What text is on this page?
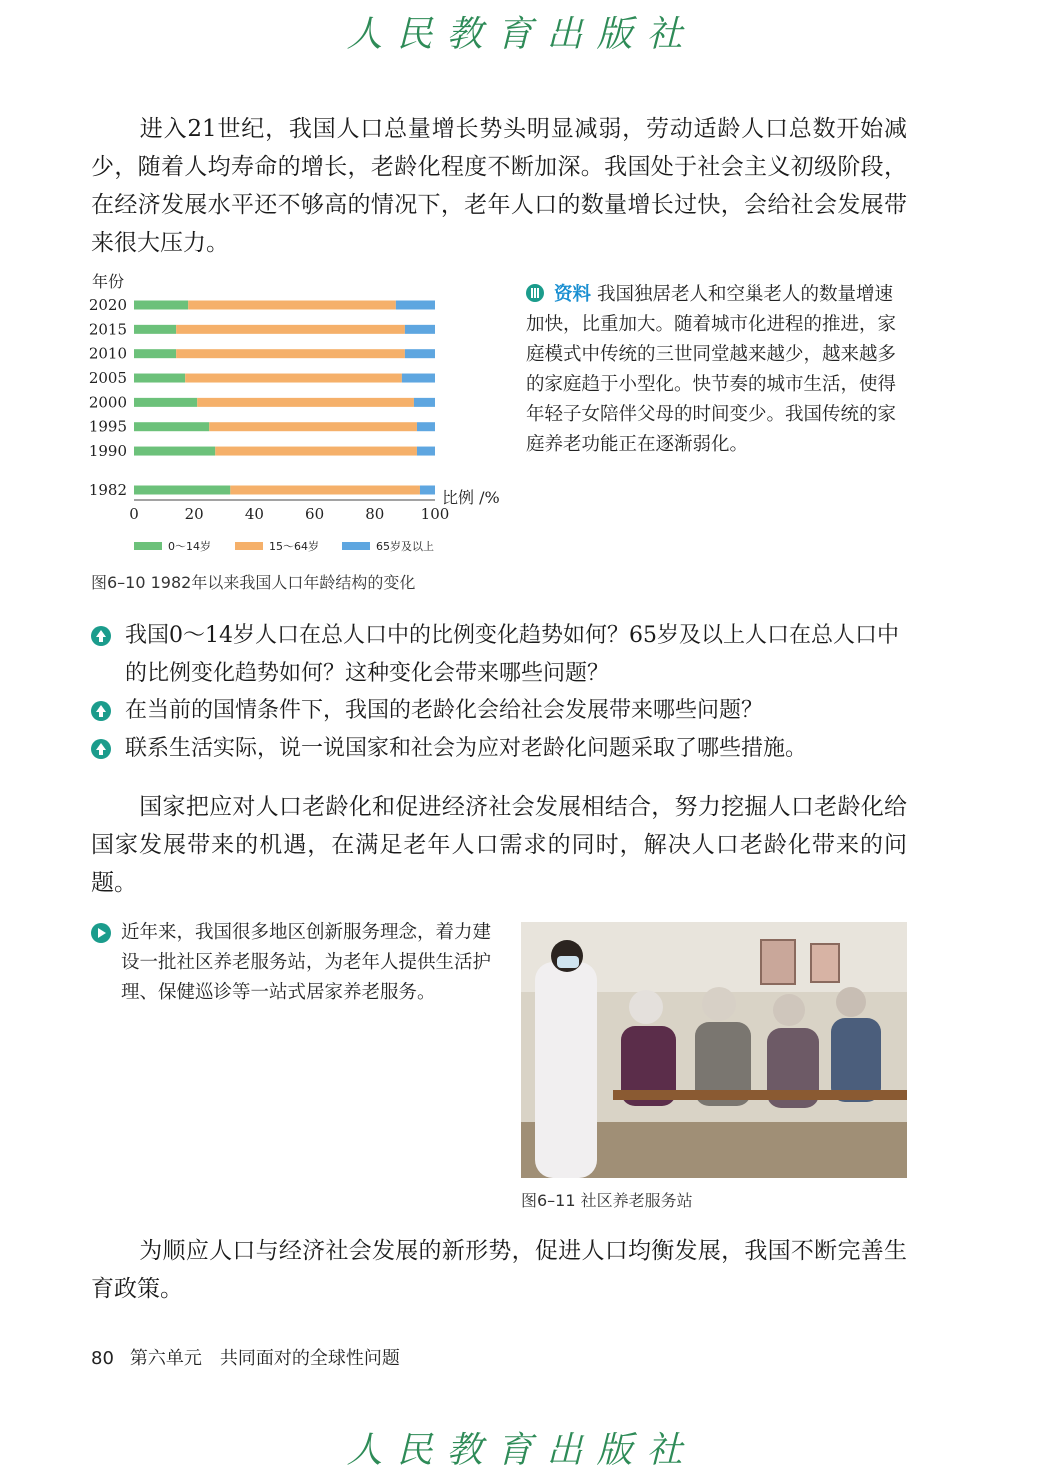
人民教育出版社
进入21世纪，我国人口总量增长势头明显减弱，劳动适龄人口总数开始减少，随着人均寿命的增长，老龄化程度不断加深。我国处于社会主义初级阶段，在经济发展水平还不够高的情况下，老年人口的数量增长过快，会给社会发展带来很大压力。
年份
2020
2015
2010
2005
2000
1995
1990
1982
0	20	40	60	80 100
比例 /%
0～14岁	15～64岁	65岁及以上
图6–10 1982年以来我国人口年龄结构的变化
资料 我国独居老人和空巢老人的数量增速加快，比重加大。随着城市化进程的推进，家庭模式中传统的三世同堂越来越少，越来越多的家庭趋于小型化。快节奏的城市生活，使得年轻子女陪伴父母的时间变少。我国传统的家庭养老功能正在逐渐弱化。
我国0～14岁人口在总人口中的比例变化趋势如何？65岁及以上人口在总人口中的比例变化趋势如何？这种变化会带来哪些问题？
在当前的国情条件下，我国的老龄化会给社会发展带来哪些问题？
联系生活实际，说一说国家和社会为应对老龄化问题采取了哪些措施。
国家把应对人口老龄化和促进经济社会发展相结合，努力挖掘人口老龄化给国家发展带来的机遇，在满足老年人口需求的同时，解决人口老龄化带来的问题。
近年来，我国很多地区创新服务理念，着力建设一批社区养老服务站，为老年人提供生活护理、保健巡诊等一站式居家养老服务。
图6–11 社区养老服务站
为顺应人口与经济社会发展的新形势，促进人口均衡发展，我国不断完善生育政策。
80 第六单元　共同面对的全球性问题
人民教育出版社
